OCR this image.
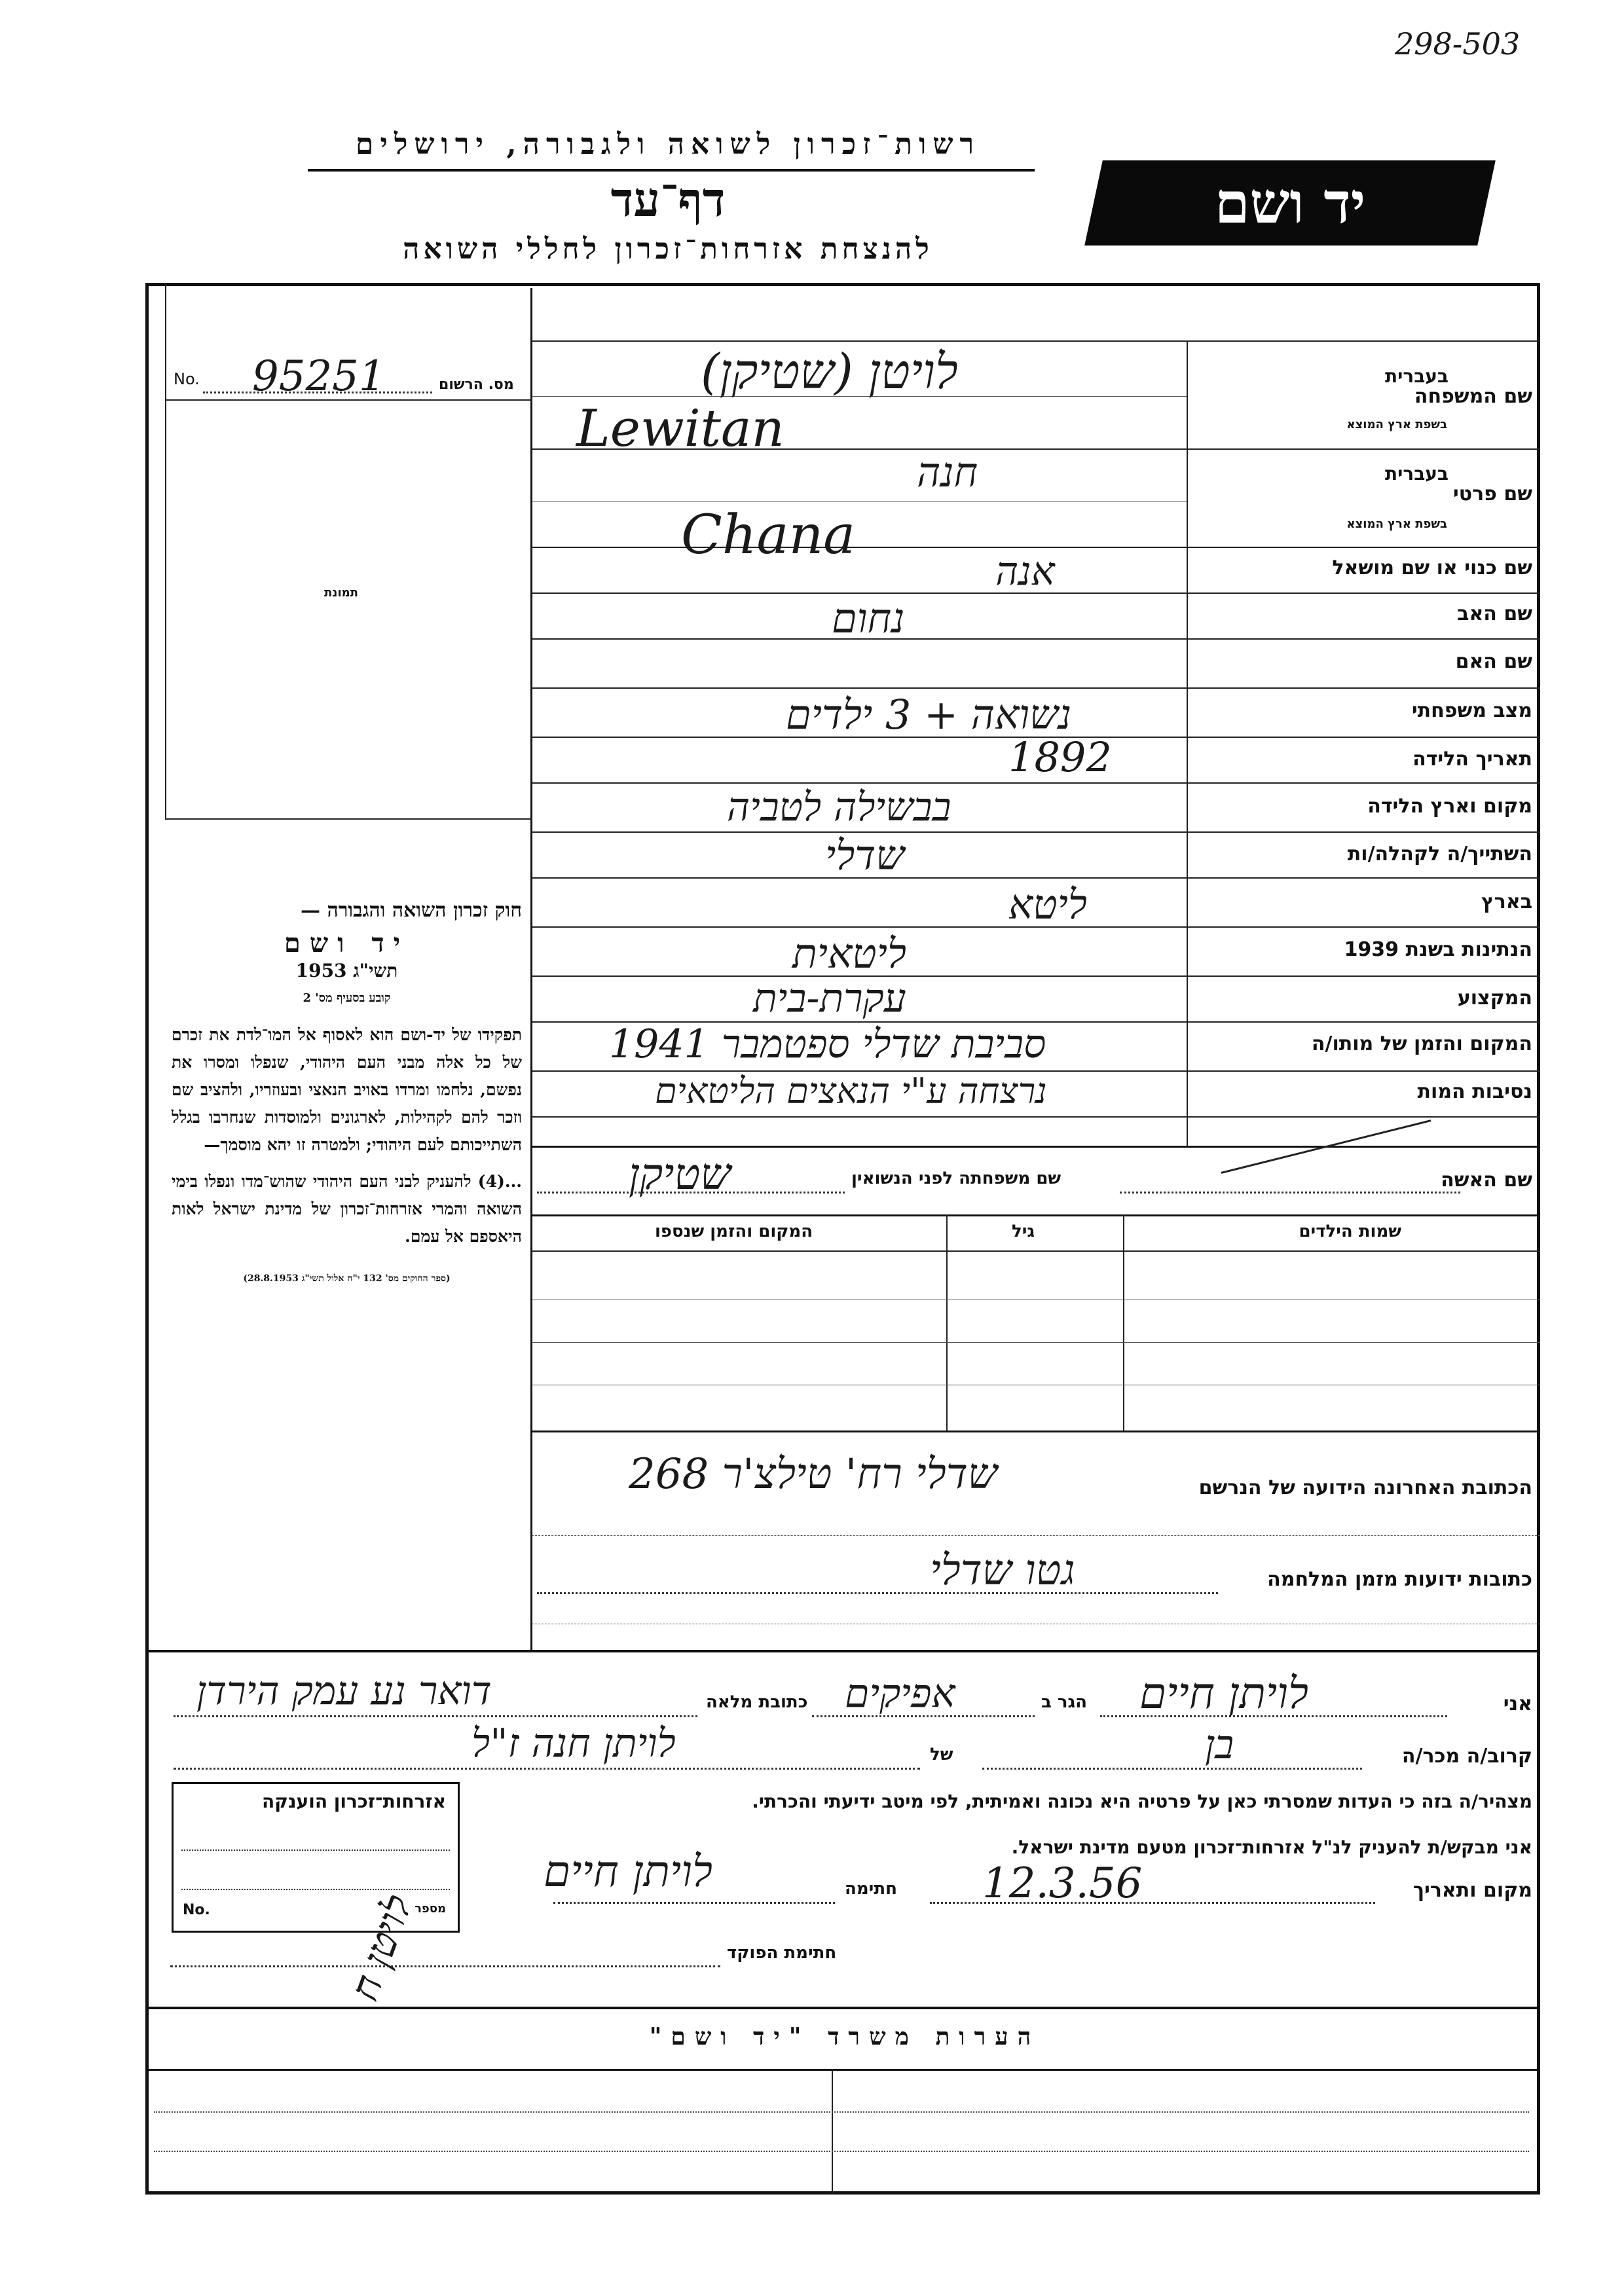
298-503
רשות־זכרון לשואה ולגבורה, ירושלים
דף־עד
להנצחת אזרחות־זכרון לחללי השואה
יד ושם
No. 95251	מס. הרשום
תמונת
שם המשפחה
בעברית
בשפת ארץ המוצא
שם פרטי
בעברית
בשפת ארץ המוצא
שם כנוי או שם מושאל
שם האב
שם האם
מצב משפחתי
תאריך הלידה
מקום וארץ הלידה
השתייך/ה לקהלה/ות
בארץ
הנתינות בשנת 1939
המקצוע
המקום והזמן של מותו/ה
נסיבות המות
לויטן (שטיקן)
Lewitan
חנה
Chana
אנה
נחום
נשואה + 3 ילדים
1892
בבשילה לטביה
שדלי
ליטא
ליטאית
עקרת-בית
סביבת שדלי ספטמבר 1941
נרצחה ע"י הנאצים הליטאים

חוק זכרון השואה והגבורה —

יד ושם

תשי"ג 1953

קובע בסעיף מס' 2

תפקידו של יד-ושם הוא לאסוף אל המו־לדת את זכרם של כל אלה מבני העם היהודי, שנפלו ומסרו את נפשם, נלחמו ומרדו באויב הנאצי ובעוזריו, ולהציב שם וזכר להם לקהילות, לארגונים ולמוסדות שנחרבו בגלל השתייכותם לעם היהודי; ולמטרה זו יהא מוסמך—

...(4) להעניק לבני העם היהודי שהוש־מדו ונפלו בימי השואה והמרי אזרחות־זכרון של מדינת ישראל לאות היאספם אל עמם.

(ספר החוקים מס' 132 י"ח אלול תשי"ג 28.8.1953)

שם האשה
שם משפחתה לפני הנשואין
שטיקן
שמות הילדים
גיל
המקום והזמן שנספו
הכתובת האחרונה הידועה של הנרשם
שדלי רח' טילצ'ר 268
כתובות ידועות מזמן המלחמה
גטו שדלי
אני
לויתן חיים
הגר ב
אפיקים
כתובת מלאה
דואר נע עמק הירדן
קרוב/ה מכר/ה
בן
של
לויתן חנה ז"ל
מצהיר/ה בזה כי העדות שמסרתי כאן על פרטיה היא נכונה ואמיתית, לפי מיטב ידיעתי והכרתי.
אני מבקש/ת להעניק לנ"ל אזרחות־זכרון מטעם מדינת ישראל.
מקום ותאריך
12.3.56
חתימה
לויתן חיים
לויטן ח	חתימת הפוקד
אזרחות־זכרון הוענקה
מספר
No.
הערות משרד "יד ושם"
